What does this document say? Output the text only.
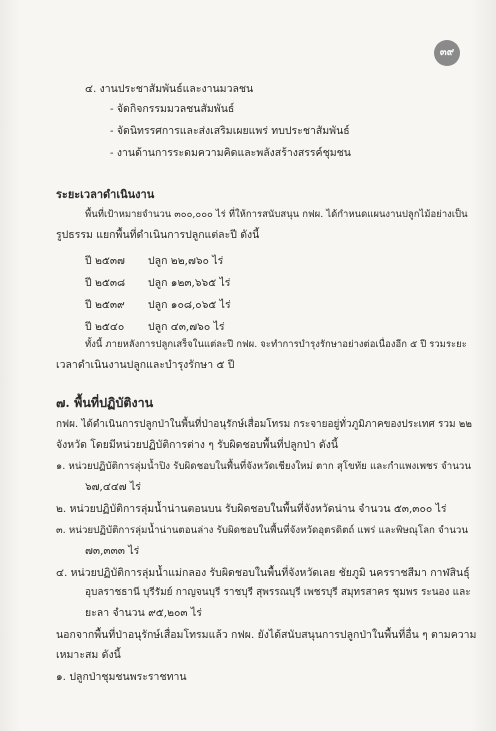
๓๙
๔. งานประชาสัมพันธ์และงานมวลชน
- จัดกิจกรรมมวลชนสัมพันธ์
- จัดนิทรรศการและส่งเสริมเผยแพร่ ทบประชาสัมพันธ์
- งานด้านการระดมความคิดและพลังสร้างสรรค์ชุมชน
ระยะเวลาดำเนินงาน
พื้นที่เป้าหมายจำนวน ๓๐๐,๐๐๐ ไร่ ที่ให้การสนับสนุน กฟผ. ได้กำหนดแผนงานปลูกไม้อย่างเป็น
รูปธรรม แยกพื้นที่ดำเนินการปลูกแต่ละปี ดังนี้
ปี ๒๕๓๗ ปลูก ๒๒,๗๖๐ ไร่
ปี ๒๕๓๘ ปลูก ๑๒๓,๖๖๕ ไร่
ปี ๒๕๓๙ ปลูก ๑๐๘,๐๖๕ ไร่
ปี ๒๕๔๐ ปลูก ๔๓,๗๖๐ ไร่
ทั้งนี้ ภายหลังการปลูกเสร็จในแต่ละปี กฟผ. จะทำการบำรุงรักษาอย่างต่อเนื่องอีก ๕ ปี รวมระยะ
เวลาดำเนินงานปลูกและบำรุงรักษา ๕ ปี
๗. พื้นที่ปฏิบัติงาน
กฟผ. ได้ดำเนินการปลูกป่าในพื้นที่ป่าอนุรักษ์เสื่อมโทรม กระจายอยู่ทั่วภูมิภาคของประเทศ รวม ๒๒
จังหวัด โดยมีหน่วยปฏิบัติการต่าง ๆ รับผิดชอบพื้นที่ปลูกป่า ดังนี้
๑. หน่วยปฏิบัติการลุ่มน้ำปิง รับผิดชอบในพื้นที่จังหวัดเชียงใหม่ ตาก สุโขทัย และกำแพงเพชร จำนวน
๖๗,๔๔๗ ไร่
๒. หน่วยปฏิบัติการลุ่มน้ำน่านตอนบน รับผิดชอบในพื้นที่จังหวัดน่าน จำนวน ๕๓,๓๐๐ ไร่
๓. หน่วยปฏิบัติการลุ่มน้ำน่านตอนล่าง รับผิดชอบในพื้นที่จังหวัดอุตรดิตถ์ แพร่ และพิษณุโลก จำนวน
๗๓,๓๓๓ ไร่
๔. หน่วยปฏิบัติการลุ่มน้ำแม่กลอง รับผิดชอบในพื้นที่จังหวัดเลย ชัยภูมิ นครราชสีมา กาฬสินธุ์
อุบลราชธานี บุรีรัมย์ กาญจนบุรี ราชบุรี สุพรรณบุรี เพชรบุรี สมุทรสาคร ชุมพร ระนอง และ
ยะลา จำนวน ๙๕,๒๐๓ ไร่
นอกจากพื้นที่ป่าอนุรักษ์เสื่อมโทรมแล้ว กฟผ. ยังได้สนับสนุนการปลูกป่าในพื้นที่อื่น ๆ ตามความ
เหมาะสม ดังนี้
๑. ปลูกป่าชุมชนพระราชทาน
